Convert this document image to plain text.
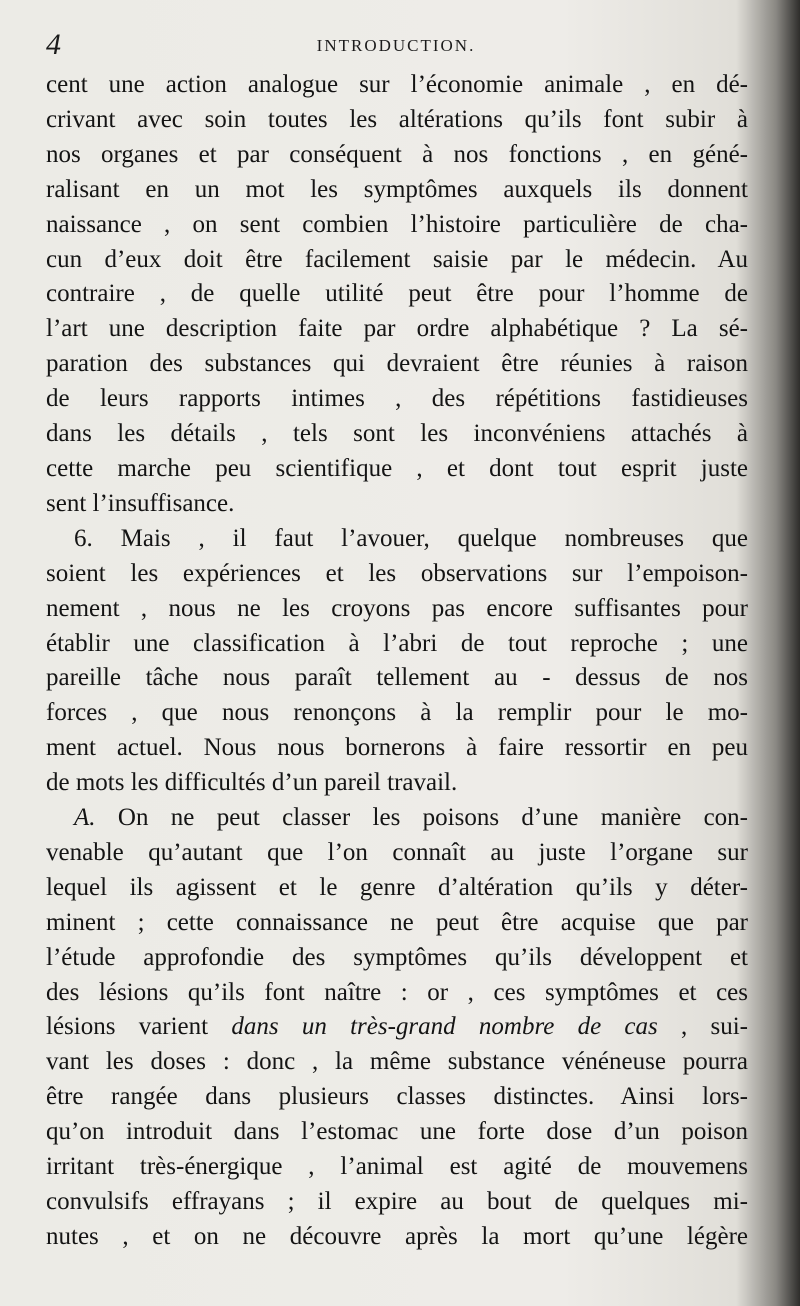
4	INTRODUCTION.
cent une action analogue sur l’économie animale , en dé-
crivant avec soin toutes les altérations qu’ils font subir à
nos organes et par conséquent à nos fonctions , en géné-
ralisant en un mot les symptômes auxquels ils donnent
naissance , on sent combien l’histoire particulière de cha-
cun d’eux doit être facilement saisie par le médecin. Au
contraire , de quelle utilité peut être pour l’homme de
l’art une description faite par ordre alphabétique ? La sé-
paration des substances qui devraient être réunies à raison
de leurs rapports intimes , des répétitions fastidieuses
dans les détails , tels sont les inconvéniens attachés à
cette marche peu scientifique , et dont tout esprit juste
sent l’insuffisance.
6. Mais , il faut l’avouer, quelque nombreuses que
soient les expériences et les observations sur l’empoison-
nement , nous ne les croyons pas encore suffisantes pour
établir une classification à l’abri de tout reproche ; une
pareille tâche nous paraît tellement au - dessus de nos
forces , que nous renonçons à la remplir pour le mo-
ment actuel. Nous nous bornerons à faire ressortir en peu
de mots les difficultés d’un pareil travail.
A. On ne peut classer les poisons d’une manière con-
venable qu’autant que l’on connaît au juste l’organe sur
lequel ils agissent et le genre d’altération qu’ils y déter-
minent ; cette connaissance ne peut être acquise que par
l’étude approfondie des symptômes qu’ils développent et
des lésions qu’ils font naître : or , ces symptômes et ces
lésions varient dans un très-grand nombre de cas , sui-
vant les doses : donc , la même substance vénéneuse pourra
être rangée dans plusieurs classes distinctes. Ainsi lors-
qu’on introduit dans l’estomac une forte dose d’un poison
irritant très-énergique , l’animal est agité de mouvemens
convulsifs effrayans ; il expire au bout de quelques mi-
nutes , et on ne découvre après la mort qu’une légère
